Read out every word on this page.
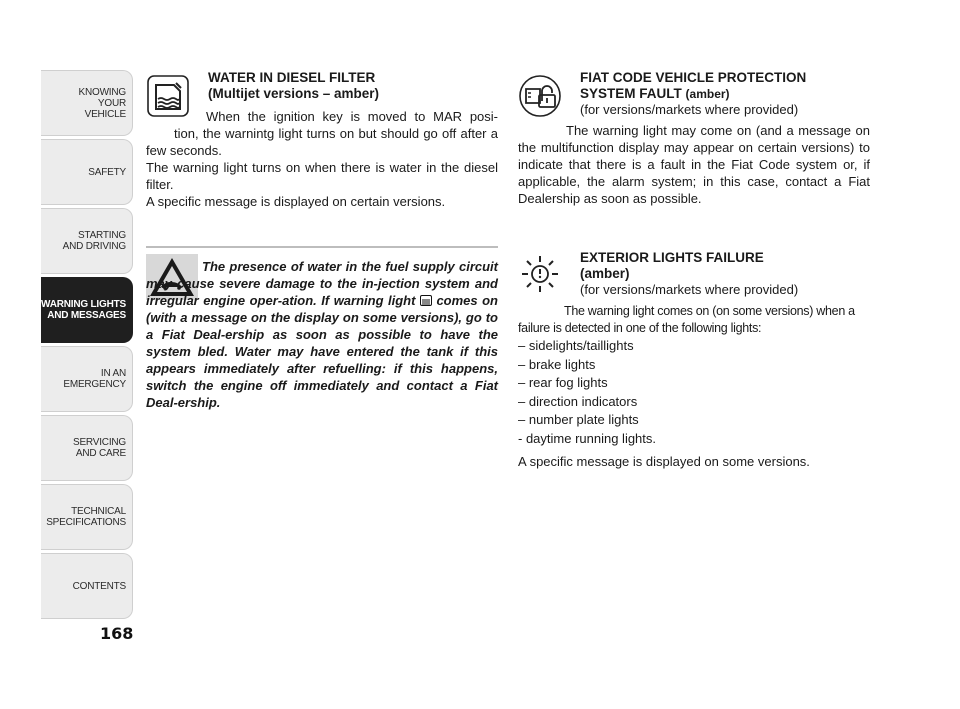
KNOWING
YOUR
VEHICLE
SAFETY
STARTING
AND DRIVING
WARNING LIGHTS
AND MESSAGES
IN AN
EMERGENCY
SERVICING
AND CARE
TECHNICAL
SPECIFICATIONS
CONTENTS
168
WATER IN DIESEL FILTER
(Multijet versions – amber)
When the ignition key is moved to MAR posi-

tion, the warnintg light turns on but should go off after a few seconds.

The warning light turns on when there is water in the diesel filter.

A specific message is displayed on certain versions.

The presence of water in the fuel supply circuit may cause severe damage to the in-jection system and irregular engine oper-ation. If warning light  comes on (with a message on the display on some versions), go to a Fiat Deal-ership as soon as possible to have the system bled. Water may have entered the tank if this appears immediately after refuelling: if this happens, switch the engine off immediately and contact a Fiat Deal-ership.
FIAT CODE VEHICLE PROTECTION
SYSTEM FAULT (amber)
(for versions/markets where provided)

The warning light may come on (and a message on the multifunction display may appear on certain versions) to indicate that there is a fault in the Fiat Code system or, if applicable, the alarm system; in this case, contact a Fiat Dealership as soon as possible.

EXTERIOR LIGHTS FAILURE
(amber)
(for versions/markets where provided)

The warning light comes on (on some versions) when a failure is detected in one of the following lights:

– sidelights/taillights
– brake lights
– rear fog lights
– direction indicators
– number plate lights
- daytime running lights.

A specific message is displayed on some versions.
